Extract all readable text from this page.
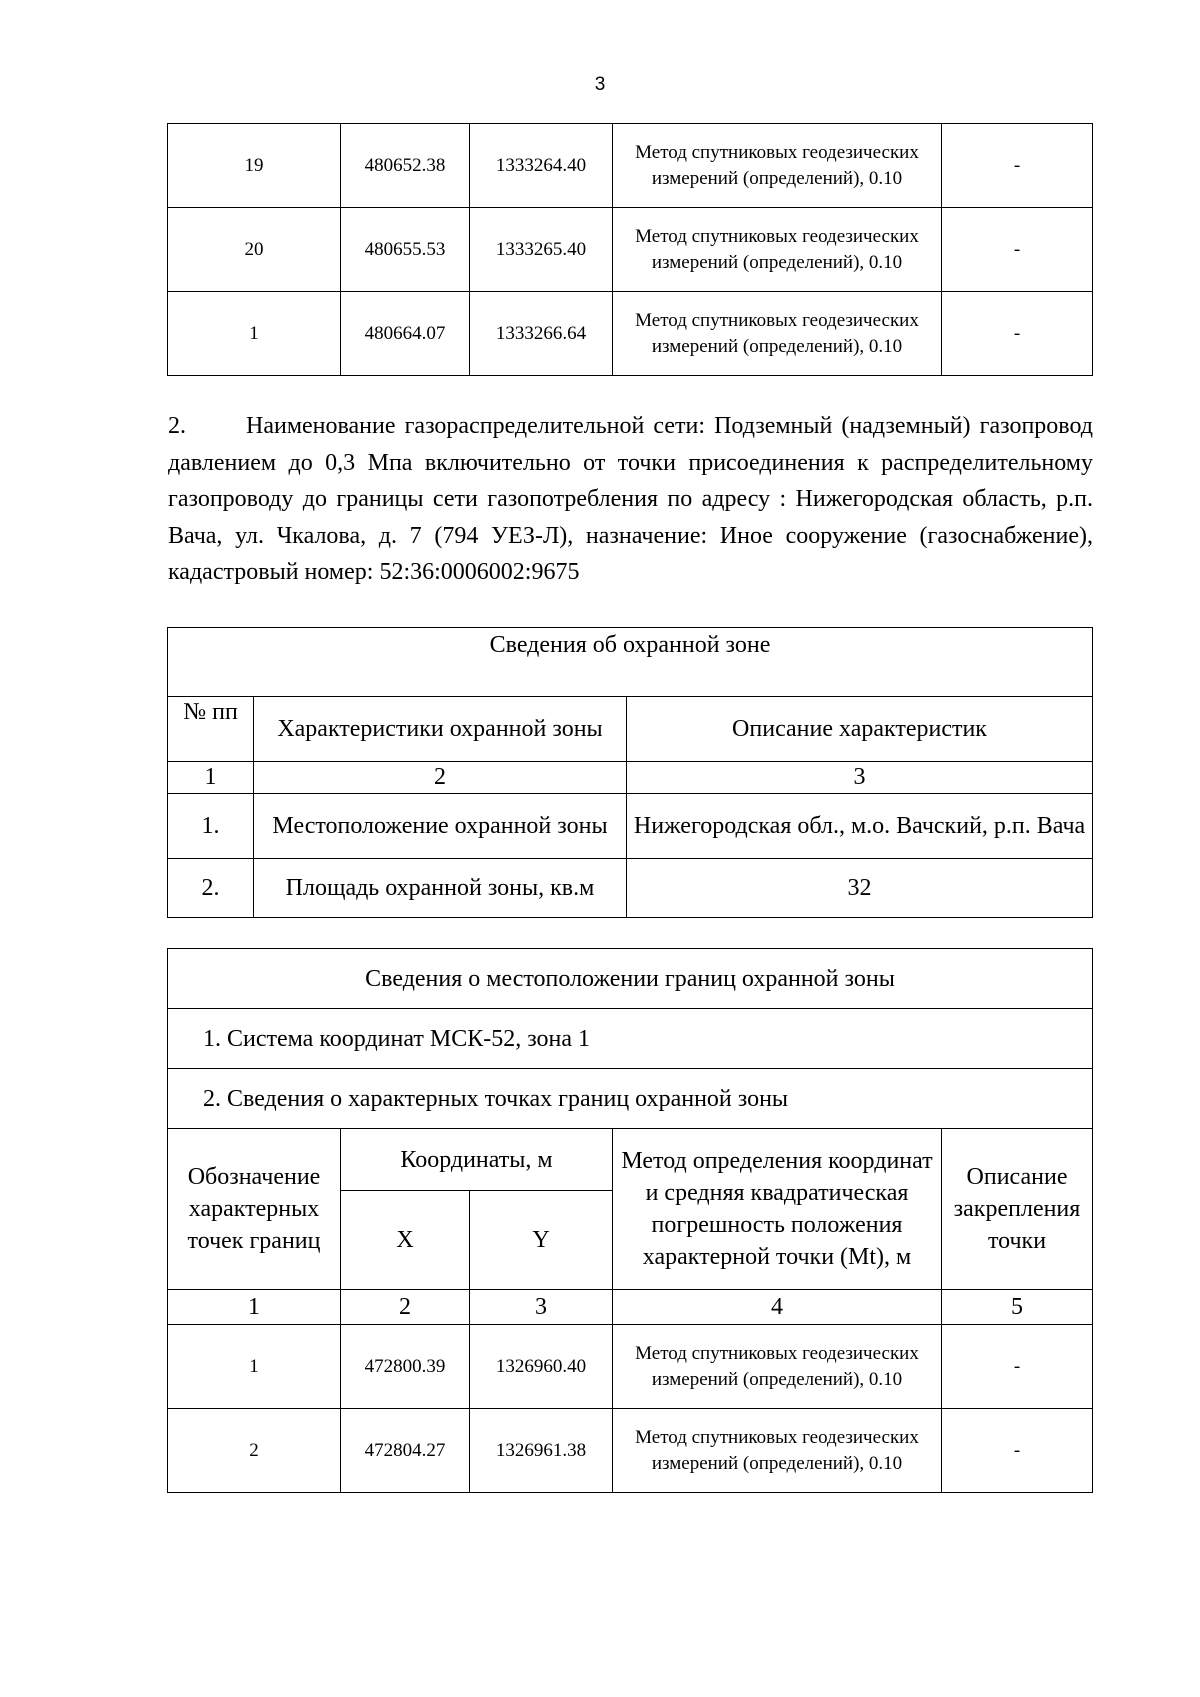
3
19	480652.38	1333264.40	Метод спутниковых геодезических измерений (определений), 0.10	-
20	480655.53	1333265.40	Метод спутниковых геодезических измерений (определений), 0.10	-
1	480664.07	1333266.64	Метод спутниковых геодезических измерений (определений), 0.10	-
2.	Наименование газораспределительной сети: Подземный (надземный) газопровод давлением до 0,3 Мпа включительно от точки присоединения к распределительному газопроводу до границы сети газопотребления по адресу : Нижегородская область, р.п. Вача, ул. Чкалова, д. 7 (794 УЕЗ-Л), назначение: Иное сооружение (газоснабжение), кадастровый номер: 52:36:0006002:9675
Сведения об охранной зоне		
№ пп	Характеристики охранной зоны	Описание характеристик
1	2	3
1.	Местоположение охранной зоны	Нижегородская обл., м.о. Вачский, р.п. Вача
2.	Площадь охранной зоны, кв.м	32
Сведения о местоположении границ охранной зоны				
1. Система координат МСК-52, зона 1				
2. Сведения о характерных точках границ охранной зоны				
Обозначение характерных точек границ	Координаты, м		Метод определения координат и средняя квадратическая погрешность положения характерной точки (Mt), м	Описание закрепления точки
	X	Y		
1	2	3	4	5
1	472800.39	1326960.40	Метод спутниковых геодезических измерений (определений), 0.10	-
2	472804.27	1326961.38	Метод спутниковых геодезических измерений (определений), 0.10	-
